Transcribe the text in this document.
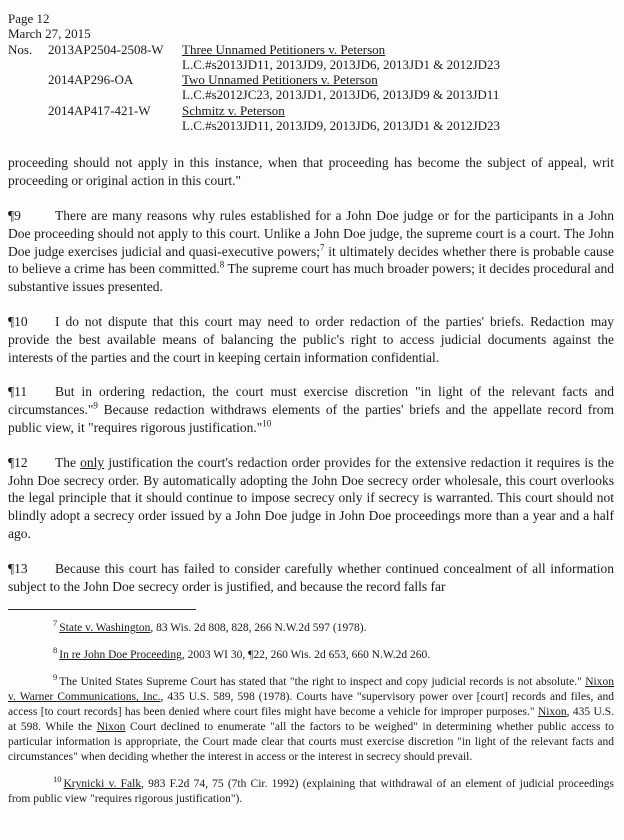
Page 12
March 27, 2015
Nos.	2013AP2504-2508-W	Three Unnamed Petitioners v. Peterson
L.C.#s2013JD11, 2013JD9, 2013JD6, 2013JD1 & 2012JD23
2014AP296-OA	Two Unnamed Petitioners v. Peterson
L.C.#s2012JC23, 2013JD1, 2013JD6, 2013JD9 & 2013JD11
2014AP417-421-W	Schmitz v. Peterson
L.C.#s2013JD11, 2013JD9, 2013JD6, 2013JD1 & 2012JD23

proceeding should not apply in this instance, when that proceeding has become the subject of appeal, writ proceeding or original action in this court."

¶9	There are many reasons why rules established for a John Doe judge or for the participants in a John Doe proceeding should not apply to this court. Unlike a John Doe judge, the supreme court is a court. The John Doe judge exercises judicial and quasi-executive powers;$^7$ it ultimately decides whether there is probable cause to believe a crime has been committed.$^8$ The supreme court has much broader powers; it decides procedural and substantive issues presented.

¶10 I do not dispute that this court may need to order redaction of the parties' briefs. Redaction may provide the best available means of balancing the public's right to access judicial documents against the interests of the parties and the court in keeping certain information confidential.

¶11 But in ordering redaction, the court must exercise discretion "in light of the relevant facts and circumstances."$^9$ Because redaction withdraws elements of the parties' briefs and the appellate record from public view, it "requires rigorous justification."$^{10}$

¶12 The only justification the court's redaction order provides for the extensive redaction it requires is the John Doe secrecy order. By automatically adopting the John Doe secrecy order wholesale, this court overlooks the legal principle that it should continue to impose secrecy only if secrecy is warranted. This court should not blindly adopt a secrecy order issued by a John Doe judge in John Doe proceedings more than a year and a half ago.

¶13 Because this court has failed to consider carefully whether continued concealment of all information subject to the John Doe secrecy order is justified, and because the record falls far

$^7$ State v. Washington, 83 Wis. 2d 808, 828, 266 N.W.2d 597 (1978).

$^8$ In re John Doe Proceeding, 2003 WI 30, ¶22, 260 Wis. 2d 653, 660 N.W.2d 260.

$^9$ The United States Supreme Court has stated that "the right to inspect and copy judicial records is not absolute." Nixon v. Warner Communications, Inc., 435 U.S. 589, 598 (1978). Courts have "supervisory power over [court] records and files, and access [to court records] has been denied where court files might have become a vehicle for improper purposes." Nixon, 435 U.S. at 598. While the Nixon Court declined to enumerate "all the factors to be weighed" in determining whether public access to particular information is appropriate, the Court made clear that courts must exercise discretion "in light of the relevant facts and circumstances" when deciding whether the interest in access or the interest in secrecy should prevail.

$^{10}$ Krynicki v. Falk, 983 F.2d 74, 75 (7th Cir. 1992) (explaining that withdrawal of an element of judicial proceedings from public view "requires rigorous justification").
